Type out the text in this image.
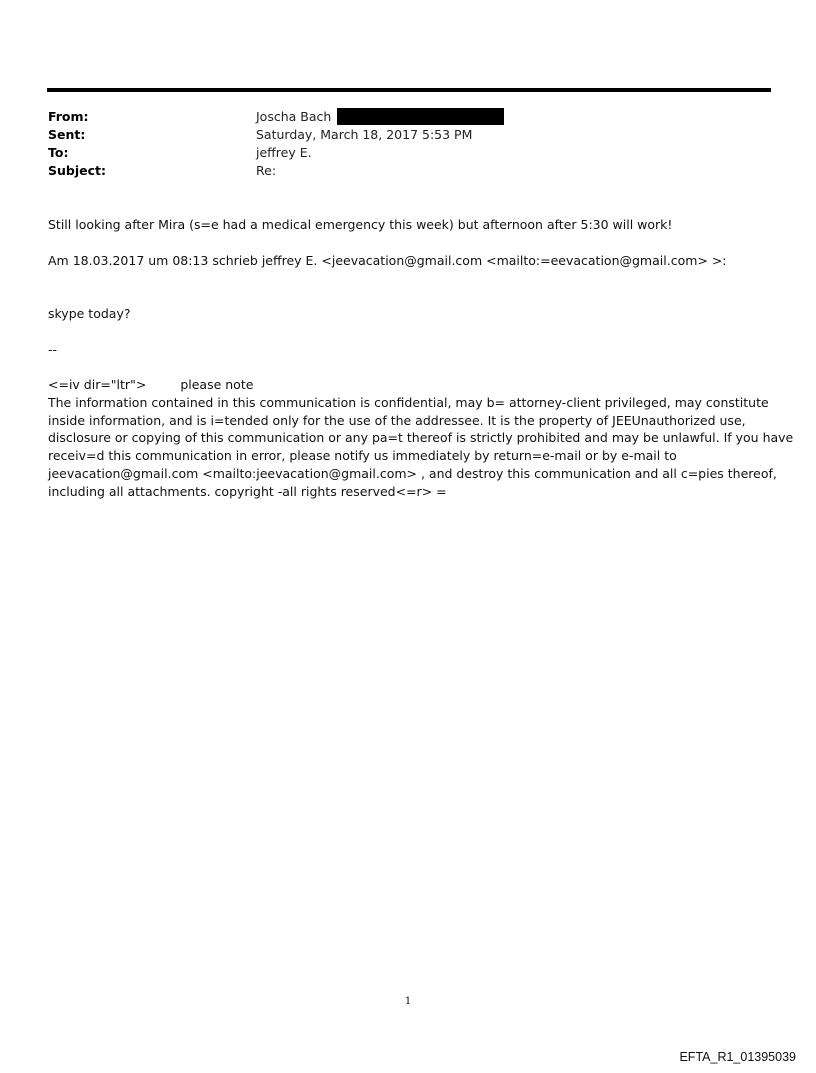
From:	Joscha Bach
Sent:	Saturday, March 18, 2017 5:53 PM
To:	jeffrey E.
Subject:	Re:
Still looking after Mira (s=e had a medical emergency this week) but afternoon after 5:30 will work!
Am 18.03.2017 um 08:13 schrieb jeffrey E. <jeevacation@gmail.com <mailto:=eevacation@gmail.com> >:
skype today?
--
<=iv dir="ltr">	please note
The information contained in this communication is confidential, may b= attorney-client privileged, may constitute
inside information, and is i=tended only for the use of the addressee. It is the property of JEEUnauthorized use,
disclosure or copying of this communication or any pa=t thereof is strictly prohibited and may be unlawful. If you have
receiv=d this communication in error, please notify us immediately by return=e-mail or by e-mail to
jeevacation@gmail.com <mailto:jeevacation@gmail.com> , and destroy this communication and all c=pies thereof,
including all attachments. copyright -all rights reserved<=r> =
1
EFTA_R1_01395039
